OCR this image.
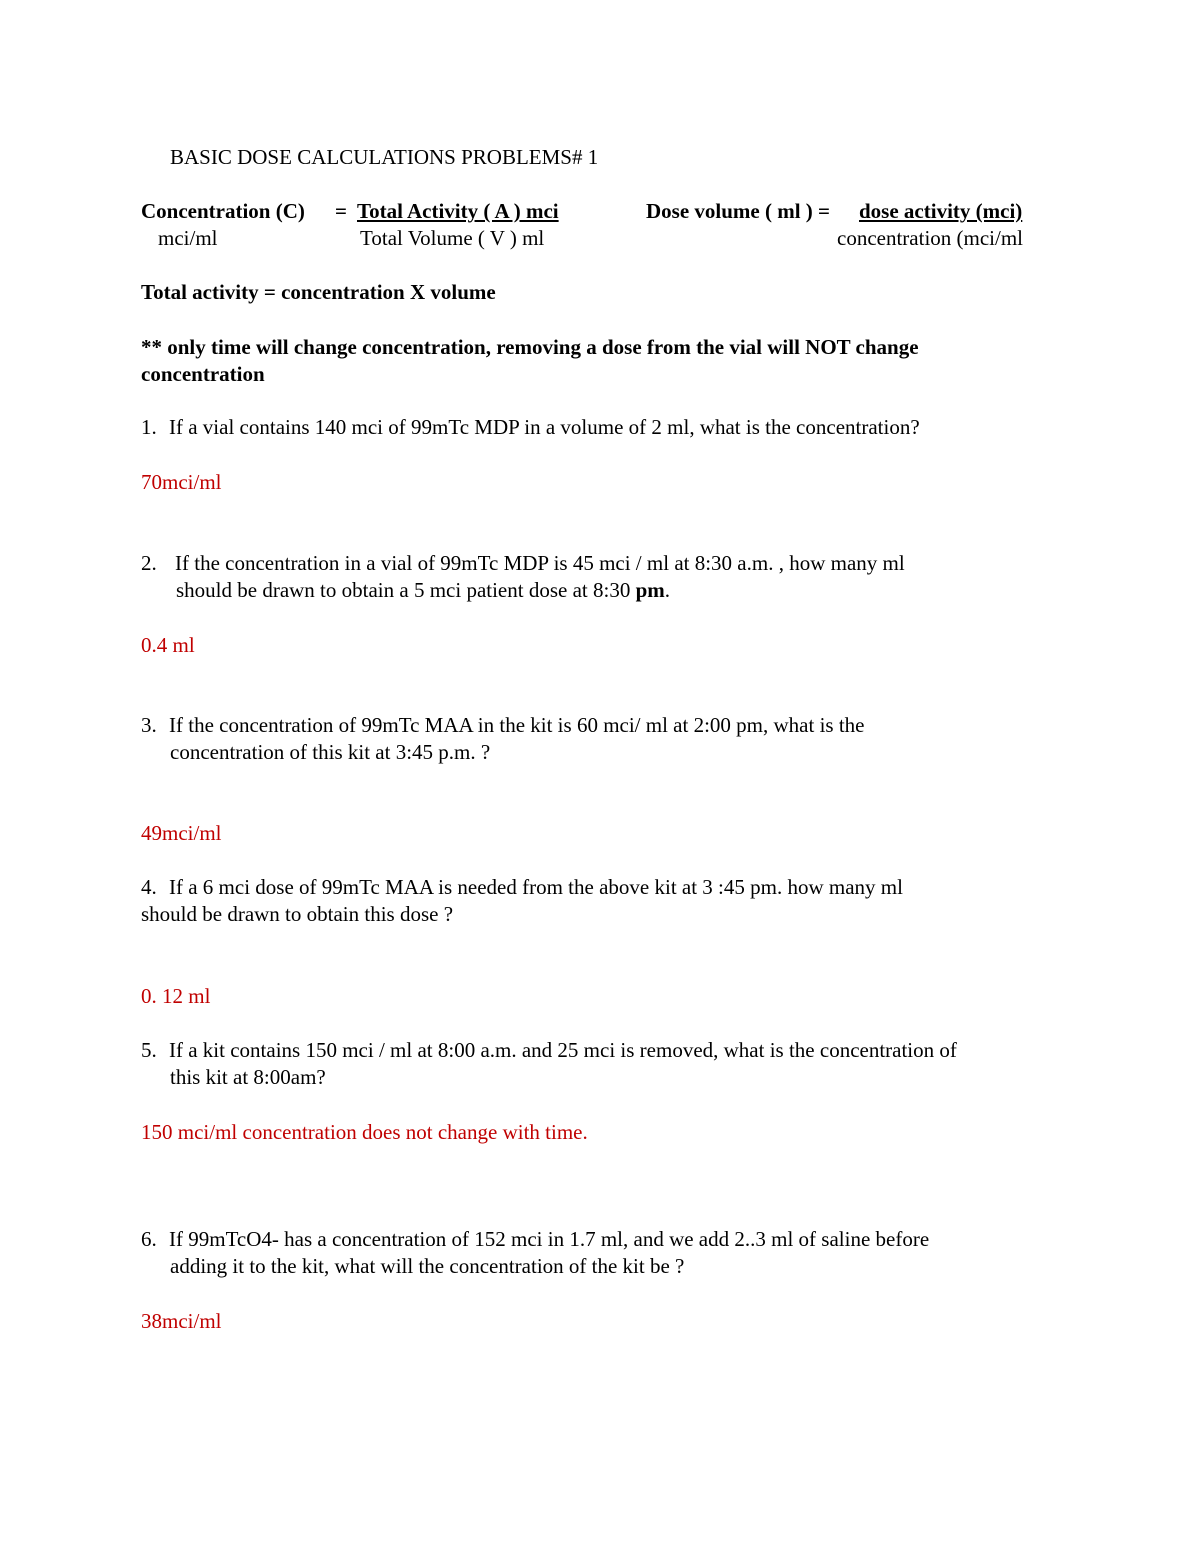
BASIC DOSE CALCULATIONS PROBLEMS# 1
Concentration (C) = Total Activity ( A ) mci
mci/ml	Total Volume ( V ) ml
Dose volume ( ml ) = dose activity (mci)
concentration (mci/ml
Total activity = concentration X volume
** only time will change concentration, removing a dose from the vial will NOT change
concentration
1. If a vial contains 140 mci of 99mTc MDP in a volume of 2 ml, what is the concentration?
70mci/ml
2. If the concentration in a vial of 99mTc MDP is 45 mci / ml at 8:30 a.m. , how many ml
should be drawn to obtain a 5 mci patient dose at 8:30 pm.
0.4 ml
3. If the concentration of 99mTc MAA in the kit is 60 mci/ ml at 2:00 pm, what is the
concentration of this kit at 3:45 p.m. ?
49mci/ml
4. If a 6 mci dose of 99mTc MAA is needed from the above kit at 3 :45 pm. how many ml
should be drawn to obtain this dose ?
0. 12 ml
5. If a kit contains 150 mci / ml at 8:00 a.m. and 25 mci is removed, what is the concentration of
this kit at 8:00am?
150 mci/ml concentration does not change with time.
6. If 99mTcO4- has a concentration of 152 mci in 1.7 ml, and we add 2..3 ml of saline before
adding it to the kit, what will the concentration of the kit be ?
38mci/ml
